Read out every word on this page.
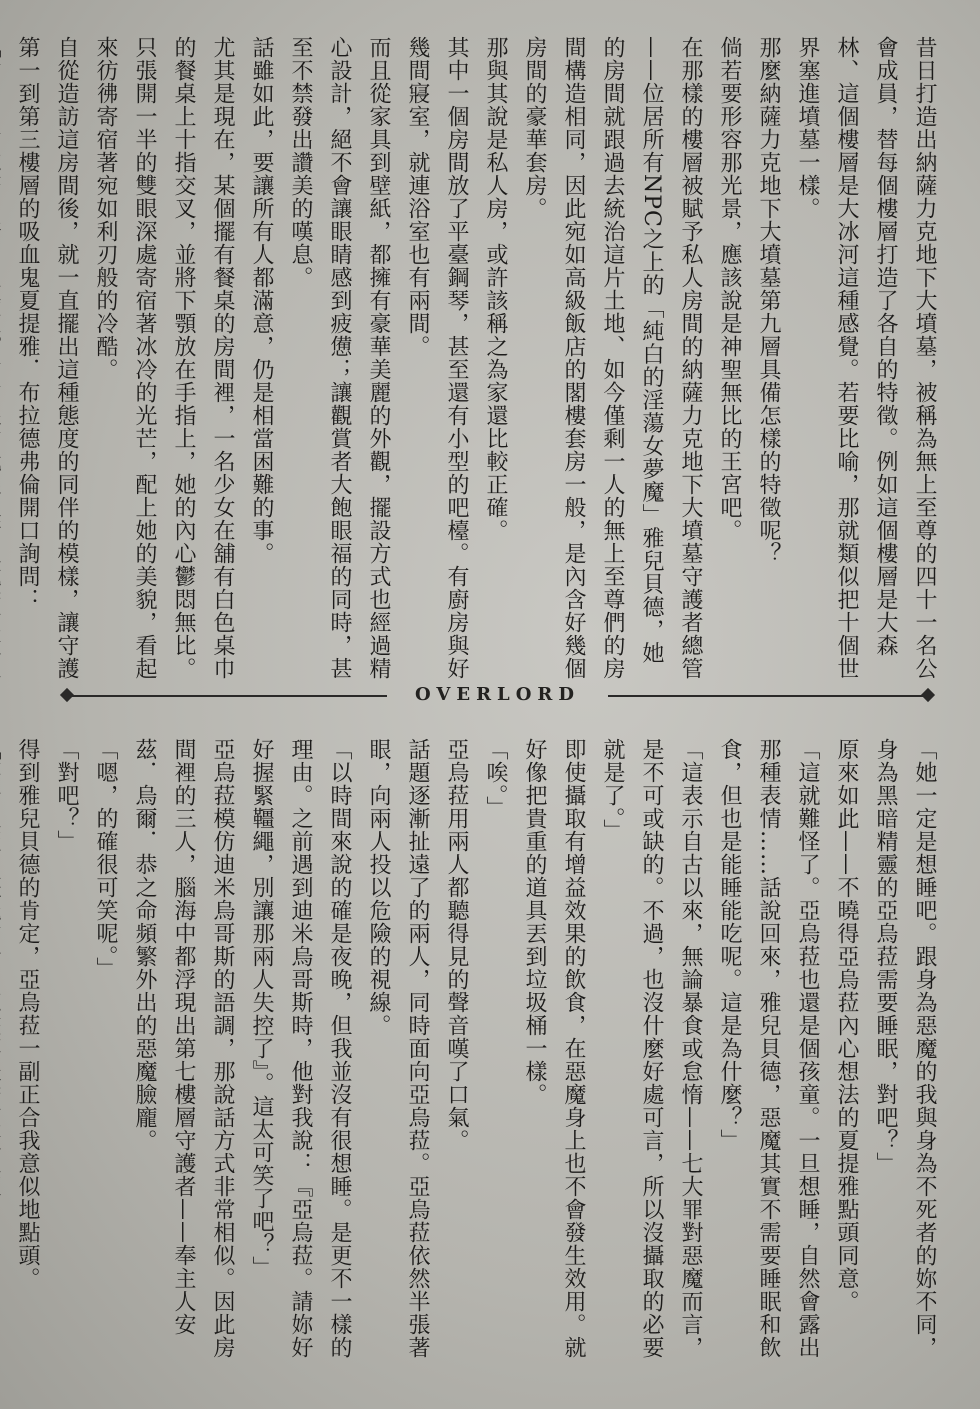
昔日打造出納薩力克地下大墳墓，被稱為無上至尊的四十一名公會成員，替每個樓層打造了各自的特徵。例如這個樓層是大森林、這個樓層是大冰河這種感覺。若要比喻，那就類似把十個世界塞進墳墓一樣。

那麼納薩力克地下大墳墓第九層具備怎樣的特徵呢？

倘若要形容那光景，應該說是神聖無比的王宮吧。

在那樣的樓層被賦予私人房間的納薩力克地下大墳墓守護者總管——位居所有NPC之上的「純白的淫蕩女夢魔」雅兒貝德，她的房間就跟過去統治這片土地、如今僅剩一人的無上至尊們的房間構造相同，因此宛如高級飯店的閣樓套房一般，是內含好幾個房間的豪華套房。

那與其說是私人房，或許該稱之為家還比較正確。

其中一個房間放了平臺鋼琴，甚至還有小型的吧檯。有廚房與好幾間寢室，就連浴室也有兩間。

而且從家具到壁紙，都擁有豪華美麗的外觀，擺設方式也經過精心設計，絕不會讓眼睛感到疲憊；讓觀賞者大飽眼福的同時，甚至不禁發出讚美的嘆息。

話雖如此，要讓所有人都滿意，仍是相當困難的事。

尤其是現在，某個擺有餐桌的房間裡，一名少女在舖有白色桌巾的餐桌上十指交叉，並將下顎放在手指上，她的內心鬱悶無比。只張開一半的雙眼深處寄宿著冰冷的光芒，配上她的美貌，看起來彷彿寄宿著宛如利刃般的冷酷。

自從造訪這房間後，就一直擺出這種態度的同伴的模樣，讓守護第一到第三樓層的吸血鬼夏提雅．布拉德弗倫開口詢問：

OVERLORD

「她一定是想睡吧。跟身為惡魔的我與身為不死者的妳不同，身為黑暗精靈的亞烏菈需要睡眠，對吧？」

原來如此——不曉得亞烏菈內心想法的夏提雅點頭同意。

「這就難怪了。亞烏菈也還是個孩童。一旦想睡，自然會露出那種表情……話說回來，雅兒貝德，惡魔其實不需要睡眠和飲食，但也是能睡能吃呢。這是為什麼？」

「這表示自古以來，無論暴食或怠惰——七大罪對惡魔而言，是不可或缺的。不過，也沒什麼好處可言，所以沒攝取的必要就是了。」

即使攝取有增益效果的飲食，在惡魔身上也不會發生效用。就好像把貴重的道具丟到垃圾桶一樣。

「唉。」

亞烏菈用兩人都聽得見的聲音嘆了口氣。

話題逐漸扯遠了的兩人，同時面向亞烏菈。亞烏菈依然半張著眼，向兩人投以危險的視線。

「以時間來說的確是夜晚，但我並沒有很想睡。是更不一樣的理由。之前遇到迪米烏哥斯時，他對我說：『亞烏菈。請妳好好握緊韁繩，別讓那兩人失控了』。這太可笑了吧？」

亞烏菈模仿迪米烏哥斯的語調，那說話方式非常相似。因此房間裡的三人，腦海中都浮現出第七樓層守護者——奉主人安茲．烏爾．恭之命頻繁外出的惡魔臉龐。

「嗯，的確很可笑呢。」

「對吧？」

得到雅兒貝德的肯定，亞烏菈一副正合我意似地點頭。
